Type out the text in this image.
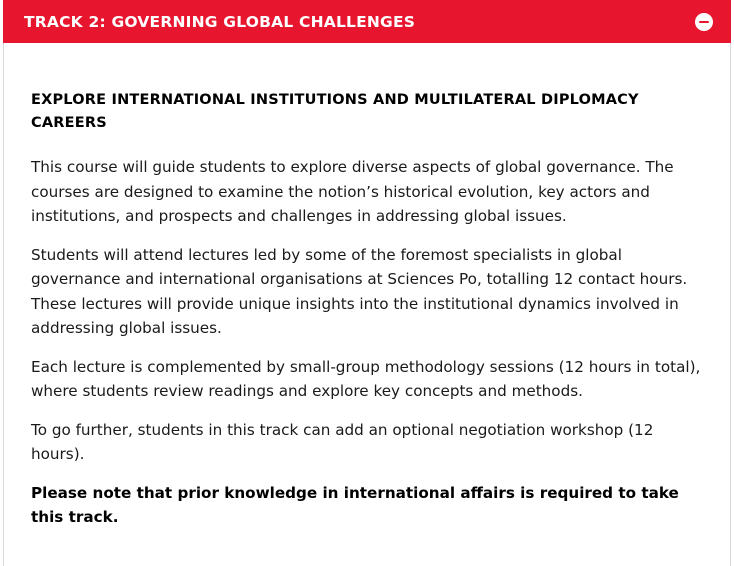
TRACK 2: GOVERNING GLOBAL CHALLENGES
EXPLORE INTERNATIONAL INSTITUTIONS AND MULTILATERAL DIPLOMACY CAREERS

This course will guide students to explore diverse aspects of global governance. The courses are designed to examine the notion’s historical evolution, key actors and institutions, and prospects and challenges in addressing global issues.

Students will attend lectures led by some of the foremost specialists in global governance and international organisations at Sciences Po, totalling 12 contact hours. These lectures will provide unique insights into the institutional dynamics involved in addressing global issues.

Each lecture is complemented by small-group methodology sessions (12 hours in total), where students review readings and explore key concepts and methods.

To go further, students in this track can add an optional negotiation workshop (12 hours).

Please note that prior knowledge in international affairs is required to take this track.
